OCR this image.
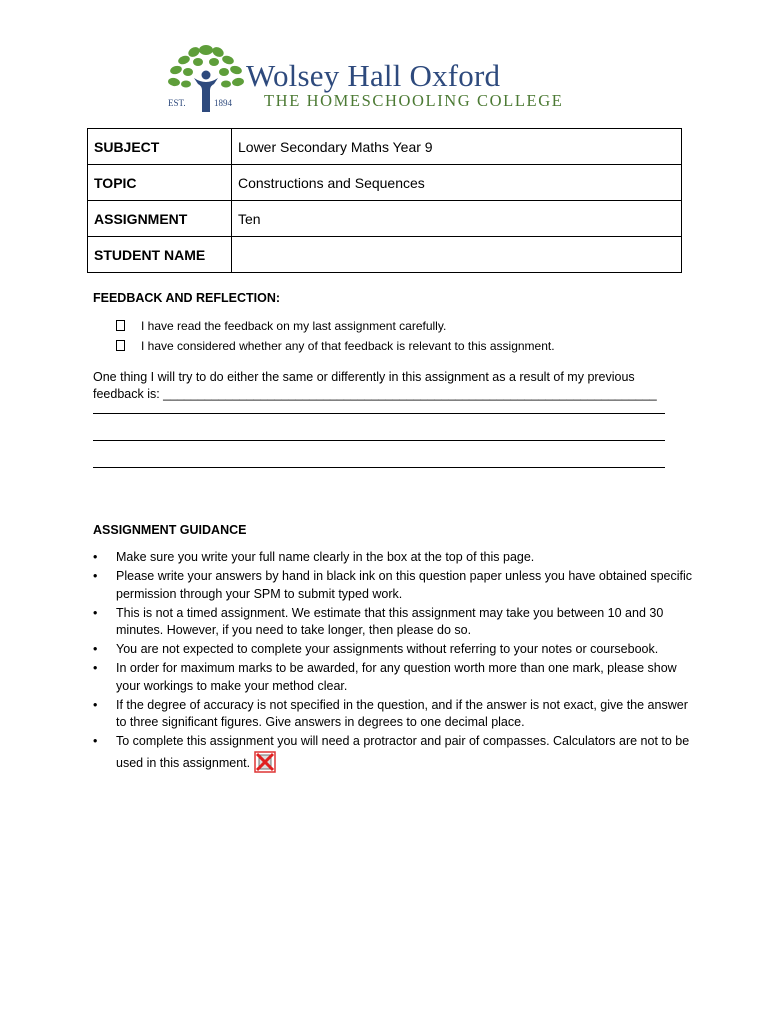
Wolsey Hall Oxford
THE HOMESCHOOLING COLLEGE
EST.	1894
SUBJECT	Lower Secondary Maths Year 9
TOPIC	Constructions and Sequences
ASSIGNMENT	Ten
STUDENT NAME	
FEEDBACK AND REFLECTION:
I have read the feedback on my last assignment carefully.
I have considered whether any of that feedback is relevant to this assignment.
One thing I will try to do either the same or differently in this assignment as a result of my previous feedback is: _______________________________________________________________________
ASSIGNMENT GUIDANCE
•	Make sure you write your full name clearly in the box at the top of this page.
•	Please write your answers by hand in black ink on this question paper unless you have obtained specific permission through your SPM to submit typed work.
•	This is not a timed assignment. We estimate that this assignment may take you between 10 and 30 minutes. However, if you need to take longer, then please do so.
•	You are not expected to complete your assignments without referring to your notes or coursebook.
•	In order for maximum marks to be awarded, for any question worth more than one mark, please show your workings to make your method clear.
•	If the degree of accuracy is not specified in the question, and if the answer is not exact, give the answer to three significant figures. Give answers in degrees to one decimal place.
•	To complete this assignment you will need a protractor and pair of compasses. Calculators are not to be used in this assignment.
